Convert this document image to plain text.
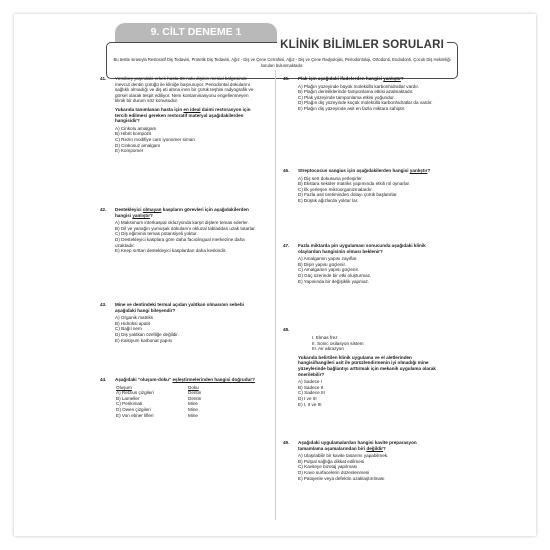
9. CİLT DENEME 1
KLİNİK BİLİMLER SORULARI
Bu testte sırasıyla Restoratif Diş Tedavisi, Protetik Diş Tedavisi, Ağız - Diş ve Çene Cerrahisi, Ağız - Diş ve Çene Radyolojisi, Periodontoloji, Ortodonti, Endodonti, Çocuk Diş Hekimliği soruları bulunmaktadır.
41. Yirmibeş yaşındaki erkek hasta 36 nolu dişinin mesial bölgesinde mevcut dentin çürüğü ile kliniğe başvuruyor. Periodontal dokularını sağlıklı olmadığı ve diş eti altına inen bir çürük teşhisi radyografik ve görsel olarak tespit ediliyor. Nem kontaminasyonu engellenmeyen klinik bir durum söz konusudur.
Yukarıda tanımlanan hasta için en ideal daimi restorasyon için tercih edilmesi gereken restoratif materyal aşağıdakilerden hangisidir?
A) Cinkolu amalgam
B) Hibrit kompozit
C) Rezin modifiye cam iyonomer siman
D) Cinkosuz amalgam
E) Kompomer
42. Destekleyici olmayan kaspların görevleri için aşağıdakilerden hangisi yanlıştır?
A) Maksimum interkaspal okluzyonda karşıt dişlere temas ederler.
B) Dil ve yanağın yumuşak dokularını okluzal tabladdan uzak tutarlar.
C) Diş eğiminin temas potansiyeli yoktur.
D) Destekleyici kasplara göre daha facıolingual merkezine daha uzaktadır.
E) Keep sırttan destekleyici kasplardan daha keskindir.
43. Mine ve dentindeki termal açıdan yalıtkan olmasının sebebi aşağıdaki hangi bileşendir?
A) Organik matriks
B) Hidroksi apatit
C) Bağıl nem
D) Diş yalıtkan özelliğe değildir.
E) Kalsiyum karbonat yapısı
44. Aşağıdaki "oluşum-doku" eşleştirmelerinden hangisi doğrudur?
Oluşum	Doku
A) Retzius çizgileri	Dentin
B) Lameller	Dentin
C) Perikimati	Mine
D) Owen çizgileri	Mine
E) Von ebner lifleri	Mine
45. Plak için aşağıdaki ifadelerden hangisi yanlıştır?
A) Plağın yüzeyinde büyük moleküllü karbonhidratlar vardır.
B) Plağın derinliklerinde tamponlama etkisi azalmaktadır.
C) Plak yüzeyinde tamponlama etkisi yoğundur.
D) Plağın diş yüzeyinde küçük moleküllü karbonhidratlar da vardır.
E) Plağın diş yüzeyinde asit en fazla miktara sahiptir.
46. Streptococus sangius için aşağıdakilerden hangisi yanlıştır?
A) Diş sert dokusuna yerleşirler.
B) Ekstara seküler matriks yapımında etkili rol oynarlar.
C) İlk yerleşen mikroorganizmalardır.
D) Fazla asit üretiminden dolayı çürük başlatırlar.
E) Düşük ağızlarda yoktur lar.
47. Fazla miktarda pin uygulaması sonucunda aşağıdaki klinik olaylardan hangisinin olması beklenir?
A) Amalgamın yapısı zayıflar.
B) Dişin yapısı güçlenir.
C) Amalgamın yapısı güçlenir.
D) Güç üzerinde bir etki oluşturmaz.
E) Yapısında bir değişiklik yapmaz.
48.
I. Elmas frez
II. Sonic osilasyon sistem
III. Air abrazyon
Yukarıda belirtilen klinik uygulama ve el aletlerinden hangisi/hangileri asit ile pürüzlendirmenin iyi olmadığı mine yüzeylerinde bağlantıyı arttırmak için mekanik uygulama olarak önerilebilir?
A) Sadece I
B) Sadece II
C) Sadece III
D) I ve III
E) I, II ve III
49. Aşağıdaki uygulamalardan hangisi kavite preparasyon tamamlama aşamalarından biri değildir?
A) Ulaşılabilir bir kavite tasarımı yapabilmek.
B) Pulpal sağlığa dikkat edilmesi
C) Kaviteye bizotaj yapılması
D) Kavo surfacelerin düzenlenmesi
E) Patojenle veya defektin uzaklaştırılması
